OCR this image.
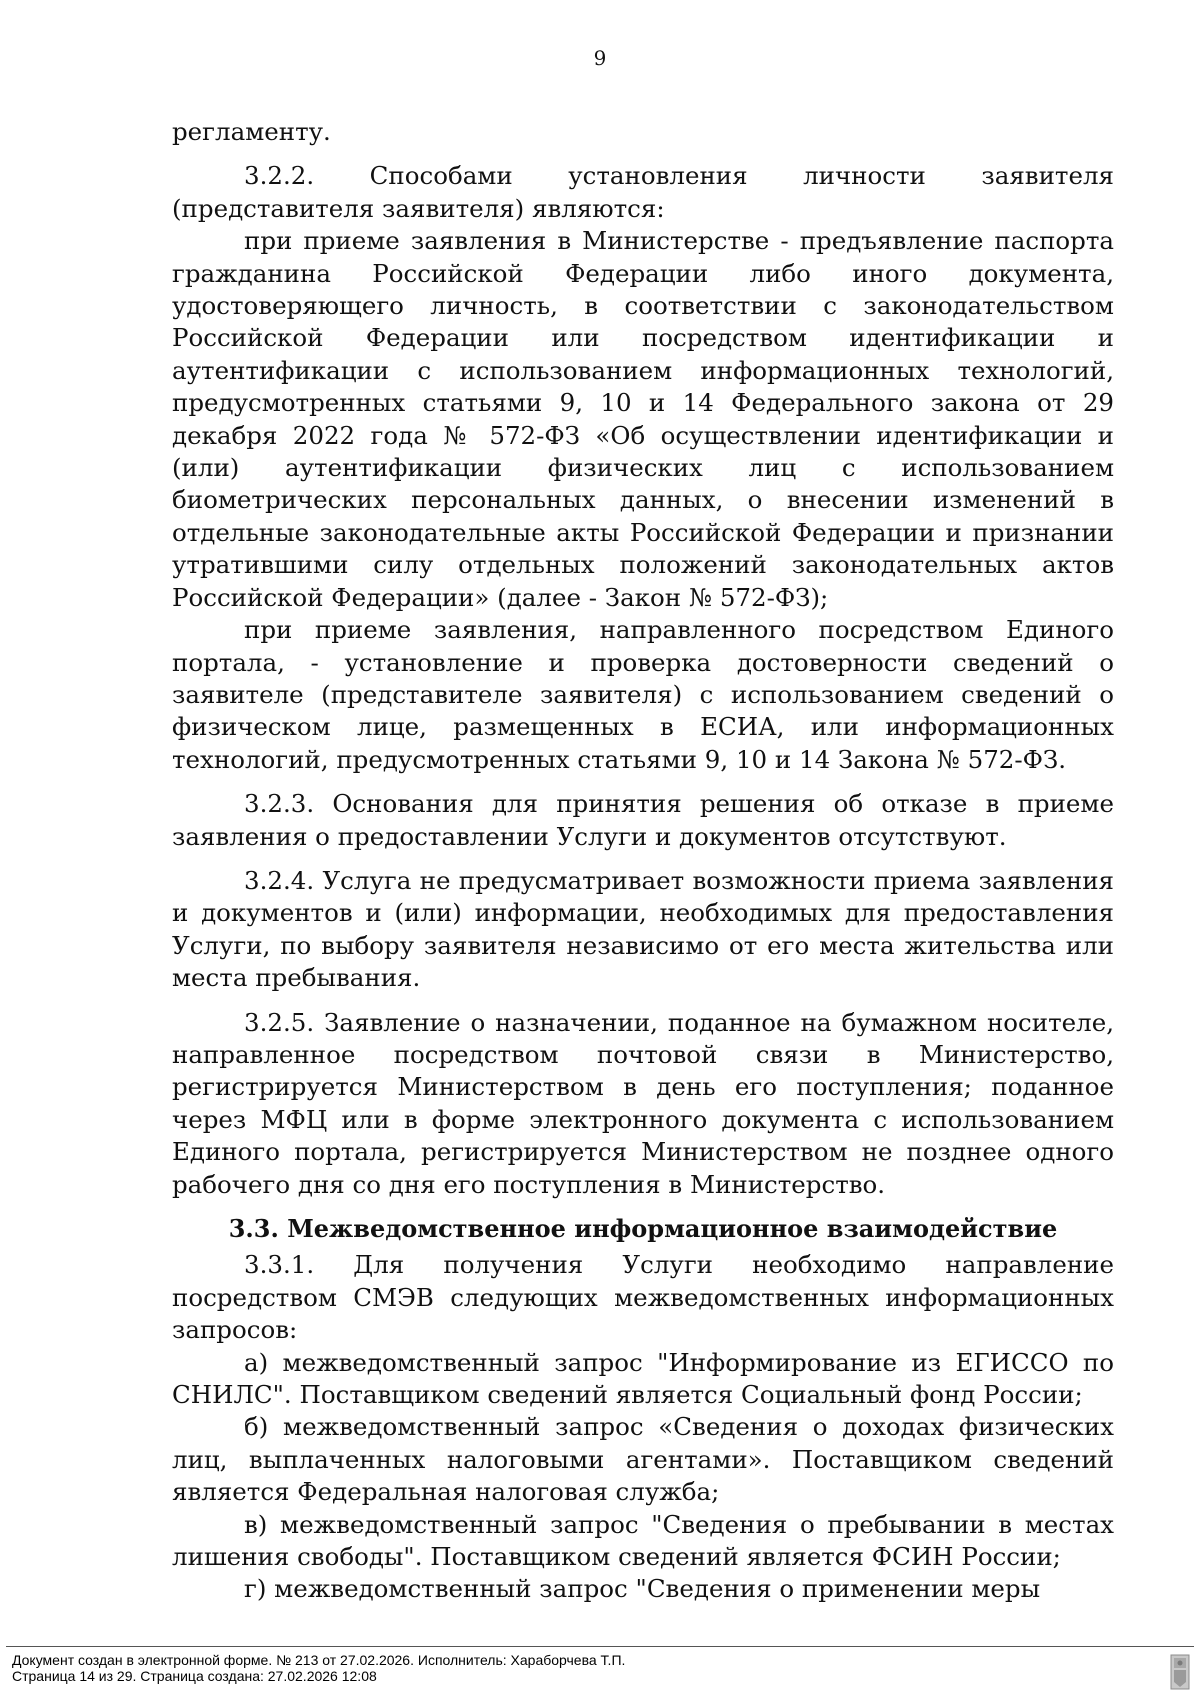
9

регламенту.

3.2.2. Способами установления личности заявителя (представителя заявителя) являются:

при приеме заявления в Министерстве - предъявление паспорта гражданина Российской Федерации либо иного документа, удостоверяющего личность, в соответствии с законодательством Российской Федерации или посредством идентификации и аутентификации с использованием информационных технологий, предусмотренных статьями 9, 10 и 14 Федерального закона от 29 декабря 2022 года № 572-ФЗ «Об осуществлении идентификации и (или) аутентификации физических лиц с использованием биометрических персональных данных, о внесении изменений в отдельные законодательные акты Российской Федерации и признании утратившими силу отдельных положений законодательных актов Российской Федерации» (далее - Закон № 572-ФЗ);

при приеме заявления, направленного посредством Единого портала, - установление и проверка достоверности сведений о заявителе (представителе заявителя) с использованием сведений о физическом лице, размещенных в ЕСИА, или информационных технологий, предусмотренных статьями 9, 10 и 14 Закона № 572-ФЗ.

3.2.3. Основания для принятия решения об отказе в приеме заявления о предоставлении Услуги и документов отсутствуют.

3.2.4. Услуга не предусматривает возможности приема заявления и документов и (или) информации, необходимых для предоставления Услуги, по выбору заявителя независимо от его места жительства или места пребывания.

3.2.5. Заявление о назначении, поданное на бумажном носителе, направленное посредством почтовой связи в Министерство, регистрируется Министерством в день его поступления; поданное через МФЦ или в форме электронного документа с использованием Единого портала, регистрируется Министерством не позднее одного рабочего дня со дня его поступления в Министерство.

3.3. Межведомственное информационное взаимодействие

3.3.1. Для получения Услуги необходимо направление посредством СМЭВ следующих межведомственных информационных запросов:

а) межведомственный запрос "Информирование из ЕГИССО по СНИЛС". Поставщиком сведений является Социальный фонд России;

б) межведомственный запрос «Сведения о доходах физических лиц, выплаченных налоговыми агентами». Поставщиком сведений является Федеральная налоговая служба;

в) межведомственный запрос "Сведения о пребывании в местах лишения свободы". Поставщиком сведений является ФСИН России;

г) межведомственный запрос "Сведения о применении меры

Документ создан в электронной форме. № 213 от 27.02.2026. Исполнитель: Хараборчева Т.П.
Страница 14 из 29. Страница создана: 27.02.2026 12:08
